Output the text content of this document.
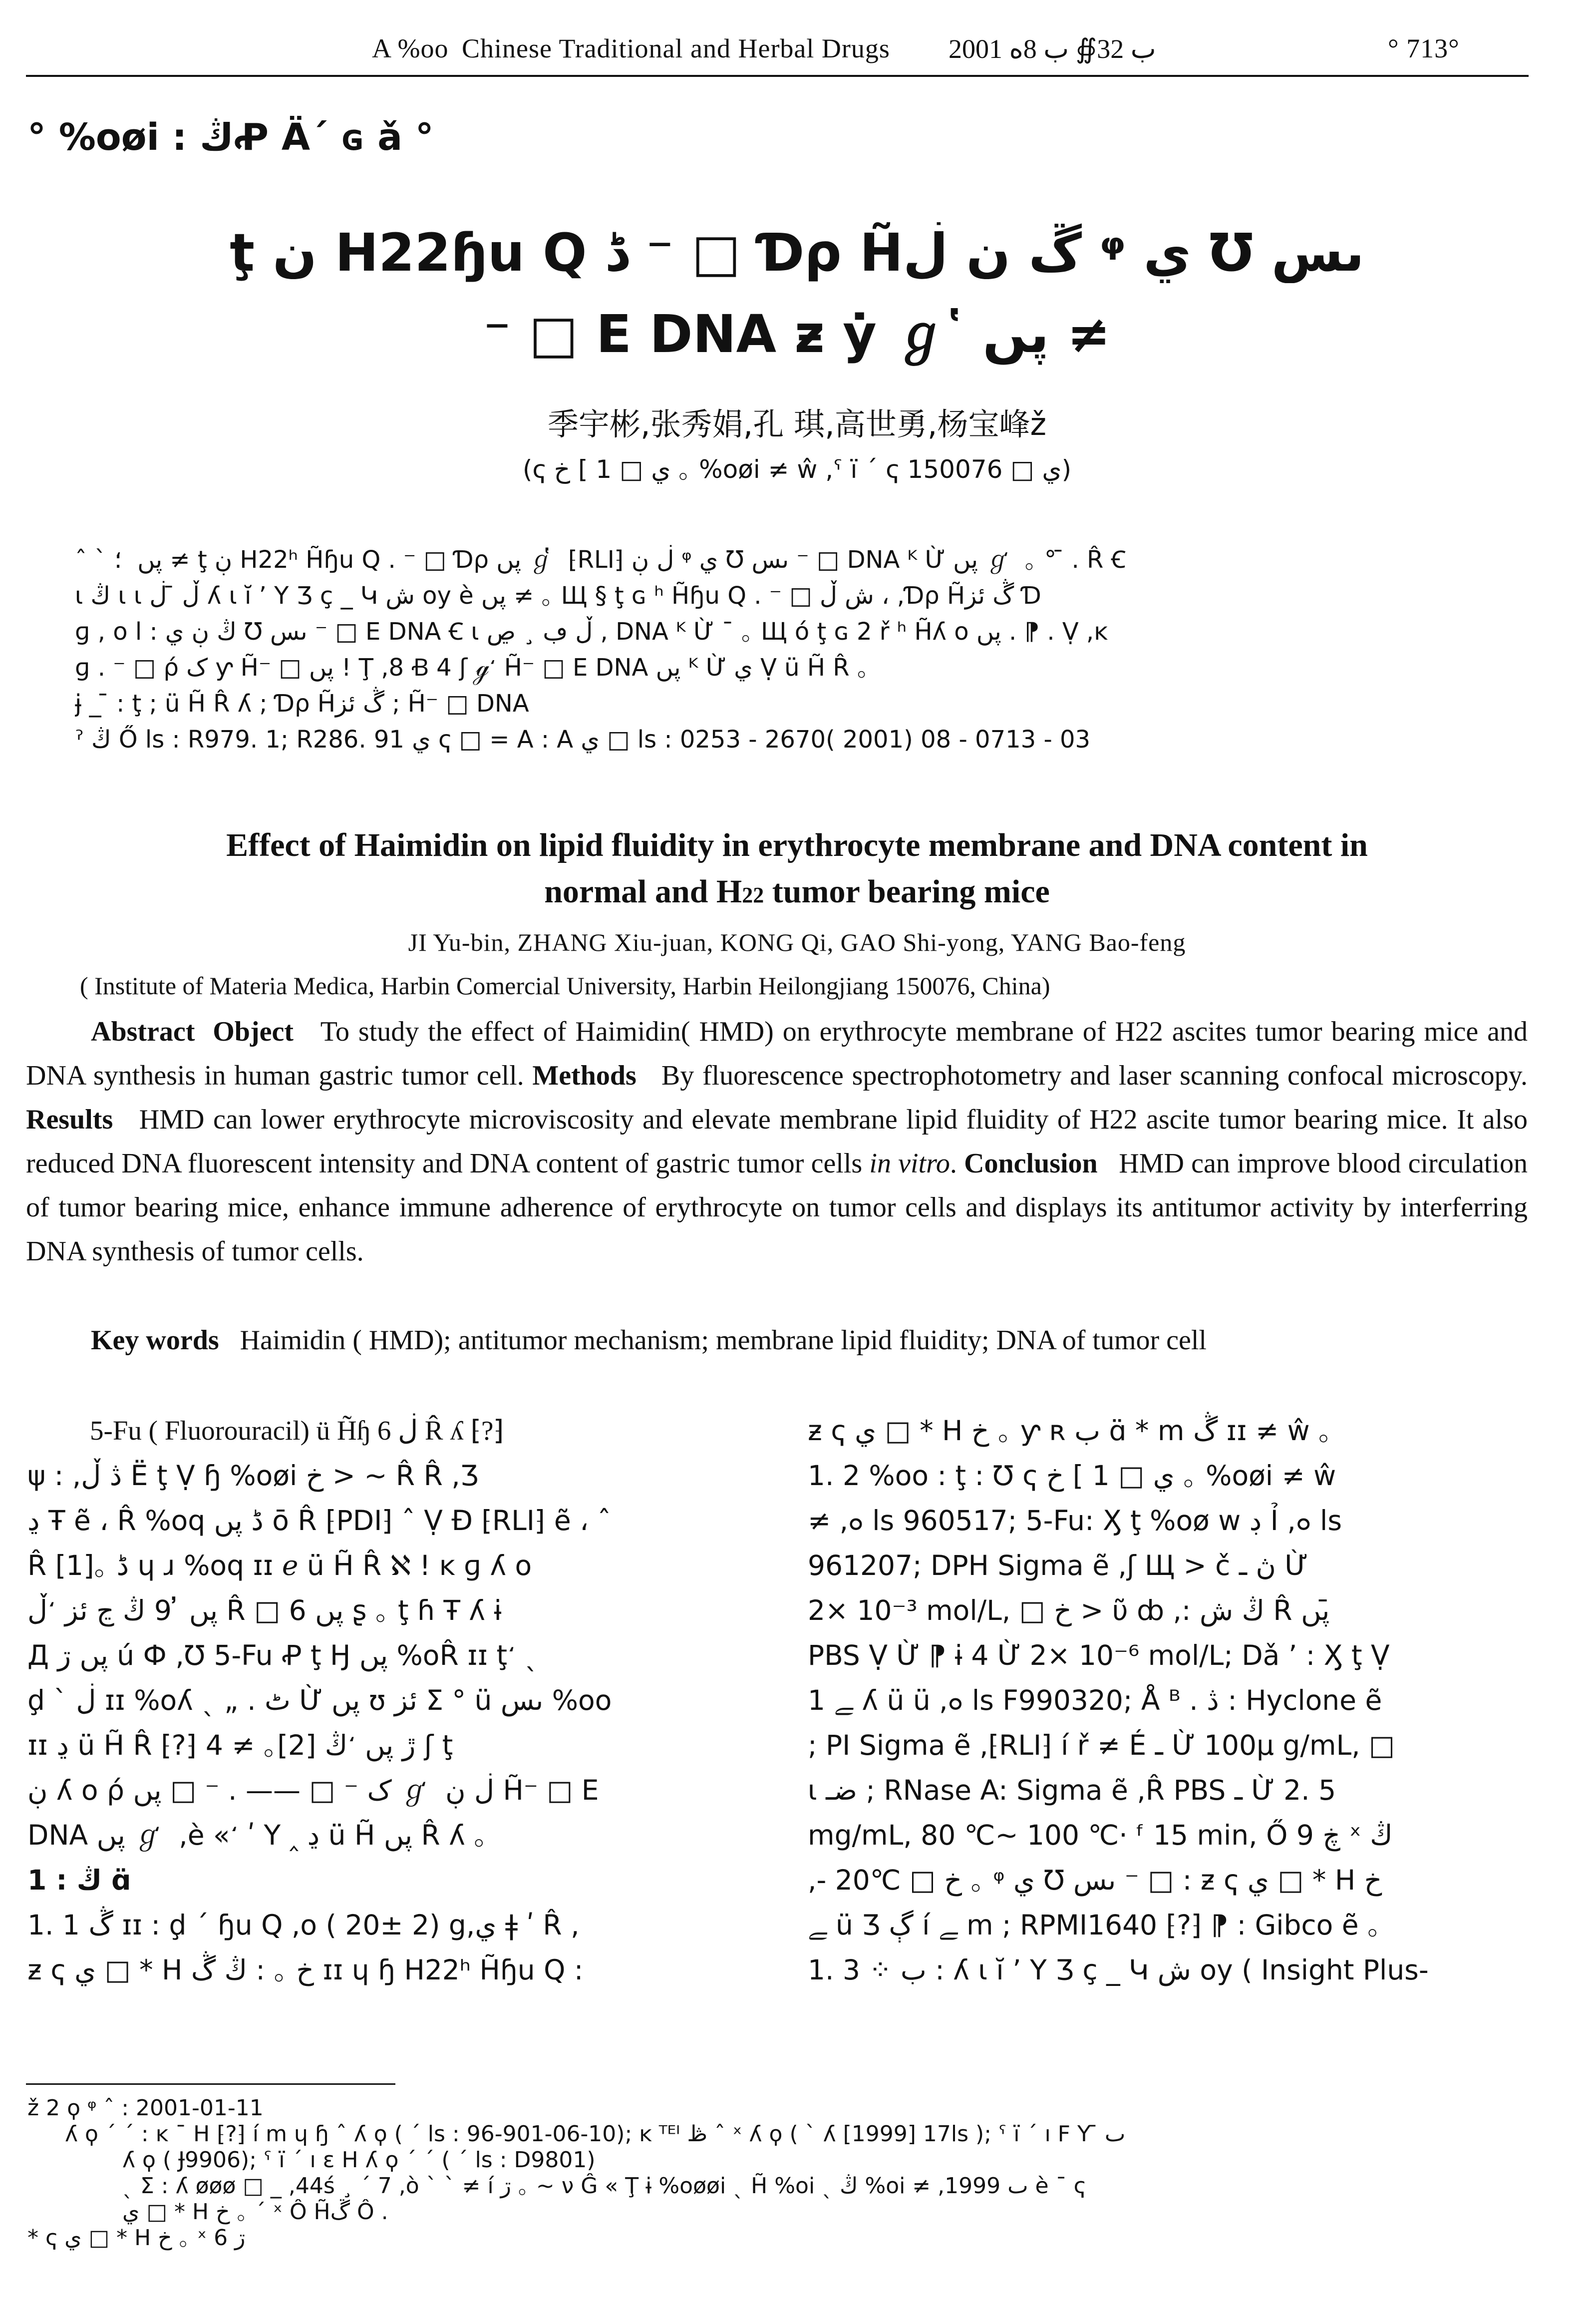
A %oo Chinese Traditional and Herbal Drugs 2001 ب 32∯ ب 8ه	° 713°
° %oøi : ڭꝒ Ä´ ɢ ǎ °
ţ ڹ H22ɧu Q ڈ ⁻ □ Ɗρ H̃ڴ ڹ ڶ ᵠ ي Ʊ ىس
⁻ □ E DNA ƶ ẏ ℊ ̔ پں ≠
季宇彬,张秀娟,孔 琪,高世勇,杨宝峰ž
(ҁ ي □ 1 ] خ ｡ %oøi ≠ ŵ ,ˤ ï ´ ҁ ي □ 150076)
ˆ ` : ̒ پں ≠ ţ ڹ H22ʰ H̃ɧu Q . ⁻ □ Ɗρ پں ℊ ̔ ⁅RLI⁆ ڶ ڹ ᵠ ي Ʊ ىس ⁻ □ DNA ᴷ Ừ پں ℊ ̒ ｡ ° ̄ . R̂ Ꞓ
ι ڭ ι ι ڵ ̄ ڶ ʎ ι ĭ ʼ Y Ʒ ç _ Կ ش oy è پں ≠ ｡ Щ § ţ ɢ ʰ H̃ɧu Q . ⁻ □ ش ڵ ، ,Ɗρ H̃ڴ ئز Ɗ
ɡ , o l : ڭ ڹ ي Ʊ ىس ⁻ □ E DNA Ꞓ ι ڵ ڢ ¸ ڝ , DNA ᴷ Ừ ˉ ｡ Щ ó ţ ɢ 2 ř ʰ H̃ʎ o پں . ⁋ . Ṿ ,ĸ
ɡ . ⁻ □ ρ́ ک ƴ H̃⁻ □ پں ! Ţ ,8 Ꞗ 4 ʃ ℊ ̒ H̃⁻ □ E DNA پں ᴷ Ừ ي Ṿ ü H̃ R̂ ｡
ɉ _ ̄ : ţ ; ü H̃ R̂ ʎ ; Ɗρ H̃ڴ ئز ; H̃⁻ □ DNA
ˀ ڭ Ő ls : R979. 1; R286. 91 ي ҁ □ = A : A ي □ ls : 0253 - 2670( 2001) 08 - 0713 - 03
Effect of Haimidin on lipid fluidity in erythrocyte membrane and DNA content in
normal and H22 tumor bearing mice
JI Yu-bin, ZHANG Xiu-juan, KONG Qi, GAO Shi-yong, YANG Bao-feng
( Institute of Materia Medica, Harbin Comercial University, Harbin Heilongjiang 150076, China)
Abstract Object To study the effect of Haimidin( HMD) on erythrocyte membrane of H22 ascites tumor bearing mice and DNA synthesis in human gastric tumor cell. Methods By fluorescence spectrophotometry and laser scanning confocal microscopy. Results HMD can lower erythrocyte microviscosity and elevate membrane lipid fluidity of H22 ascite tumor bearing mice. It also reduced DNA fluorescent intensity and DNA content of gastric tumor cells in vitro. Conclusion HMD can improve blood circulation of tumor bearing mice, enhance immune adherence of erythrocyte on tumor cells and displays its antitumor activity by interferring DNA synthesis of tumor cells.
Key words Haimidin ( HMD); antitumor mechanism; membrane lipid fluidity; DNA of tumor cell
5-Fu ( Fluorouracil) ü H̃ɧ 6 ڶ R̂ ʎ ⁅?⁆
ψ : ,ڎ ڵ Ë ţ Ṿ ɧ %oøi خ > ~ R̂ R̂ ,Ʒ
ڍ Ŧ ẽ ، R̂ %oq ڈ پں ō R̂ ⁅PDI⁆ ˆ Ṿ Ɖ ⁅RLI⁆ ẽ ، ˆ
R̂ [1]｡ ڈ ɥ ɹ %oq ɪɪ ℯ ü H̃ R̂ ℵ ! ĸ ɡ ʎ o
پں ̓ 9 ڭ ڃ ئز ̒ ڵ R̂ □ پں 6 ʂ ｡ ţ ɦ Ŧ ʎ ɨ
Д پں ڗ ú Ф ,Ʊ 5-Fu Ꝓ ţ Ӈ پں %oR̂ ɪɪ ţ ̒ ˎ
ḑ ` ڶ ɪɪ %oʎ ˎ „ . ٹ Ừ پں ʊ ئز Σ ° ü ىس %oo
ɪɪ ڍ ü H̃ R̂ ⁅?⁆ ڙ پں ̒ ڭ [2]｡ ≠ 4 ʃ ţ
ڹ ʎ o ρ́ ک ⁻ □ —— . ⁻ □ پں ℊ ̒ ڶ ڹ H̃⁻ □ E
DNA پں ℊ ̒ ,è « ̒ ʹ Y ‸ ڍ ü H̃ پں R̂ ʎ ｡
1 : ڭ ɑ̈
1. 1 ڴ ɪɪ : ḑ ´ ɧu Q ,o ( 20± 2) g,ي ǂ ʹ R̂ ,
ƶ ҁ ي □ * H خ ｡ : ڭ ڴ ɪɪ ɥ ɧ H22ʰ H̃ɧu Q :
ƶ ҁ ي □ * H خ ｡ ƴ ʀ ب ɑ̈ * m ڴ ɪɪ ≠ ŵ ｡
1. 2 %oo : ţ : Ʊ ҁ ي □ 1 ] خ ｡ %oøi ≠ ŵ
≠ ,ܘ ls 960517; 5-Fu: Ӽ ţ %oø w ڊ Ỉ ,ܘ ls
961207; DPH Sigma ẽ ,ʃ Щ > č ڽ ـ Ừ
2× 10⁻³ mol/L, □ خ > ῦ ȸ ,: ڭ ش R̂ پں ̄
PBS Ṿ Ừ ⁋ ɨ 4 Ừ 2× 10⁻⁶ mol/L; Dǎ ʼ : Ӽ ţ Ṿ
ﮯ 1 ʎ ü ü ,ܘ ls F990320; Å ᴮ . ڎ : Hyclone ẽ
; PI Sigma ẽ ,⁅RLI⁆ í ř ≠ É ـ Ừ 100μ g/mL, □
ι ضـ ; RNase A: Sigma ẽ ,R̂ PBS ـ Ừ 2. 5
mg/mL, 80 ℃~ 100 ℃· ᶠ 15 min, Ő 9 ڿ ˣ ڭ
,- 20℃ □ خ ｡ ᵠ ي Ʊ ىس ⁻ □ : ƶ ҁ ي □ * H خ
ﮯ ü Ʒ ڳ í ﮯ m ; RPMI1640 ⁅?⁆ ⁋ : Gibco ẽ ｡
1. 3 ⁘ ب : ʎ ι ĭ ʼ Y Ʒ ç _ Կ ش oy ( Insight Plus-
ž 2 ϙ ᵠ ˆ : 2001-01-11
ʎ ϙ ´ ´ : ĸ ˉ H ⁅?⁆ í m ɥ ɧ ˆ ʎ ϙ ( ´ ls : 96-901-06-10); ĸ ᵀᴱᴵ ڟ ˆ ˣ ʎ ϙ ( ` ʎ [1999] 17ls ); ˤ ï ´ ı F Y ̄ ٮ
ʎ ϙ ( Ɉ9906); ˤ ï ´ ı ɛ H ʎ ϙ ´ ´ ( ´ ls : D9801)
ˎ Σ : ʎ øøø □ _ ,44ś ¸ ´ 7 ,ò ˋ ` ≠ í ڗ ｡ ~ ν Ĝ « Ţ ɨ %oøøi ˎ H̃ %oi ˎ ڭ %oi ≠ ,1999 ٮ è ˉ ҁ
ي □ * H خ ｡ ´ ˣ Ô H̃ڴ Ô .
* ҁ ي □ * H خ ｡ ˣ ڗ 6
